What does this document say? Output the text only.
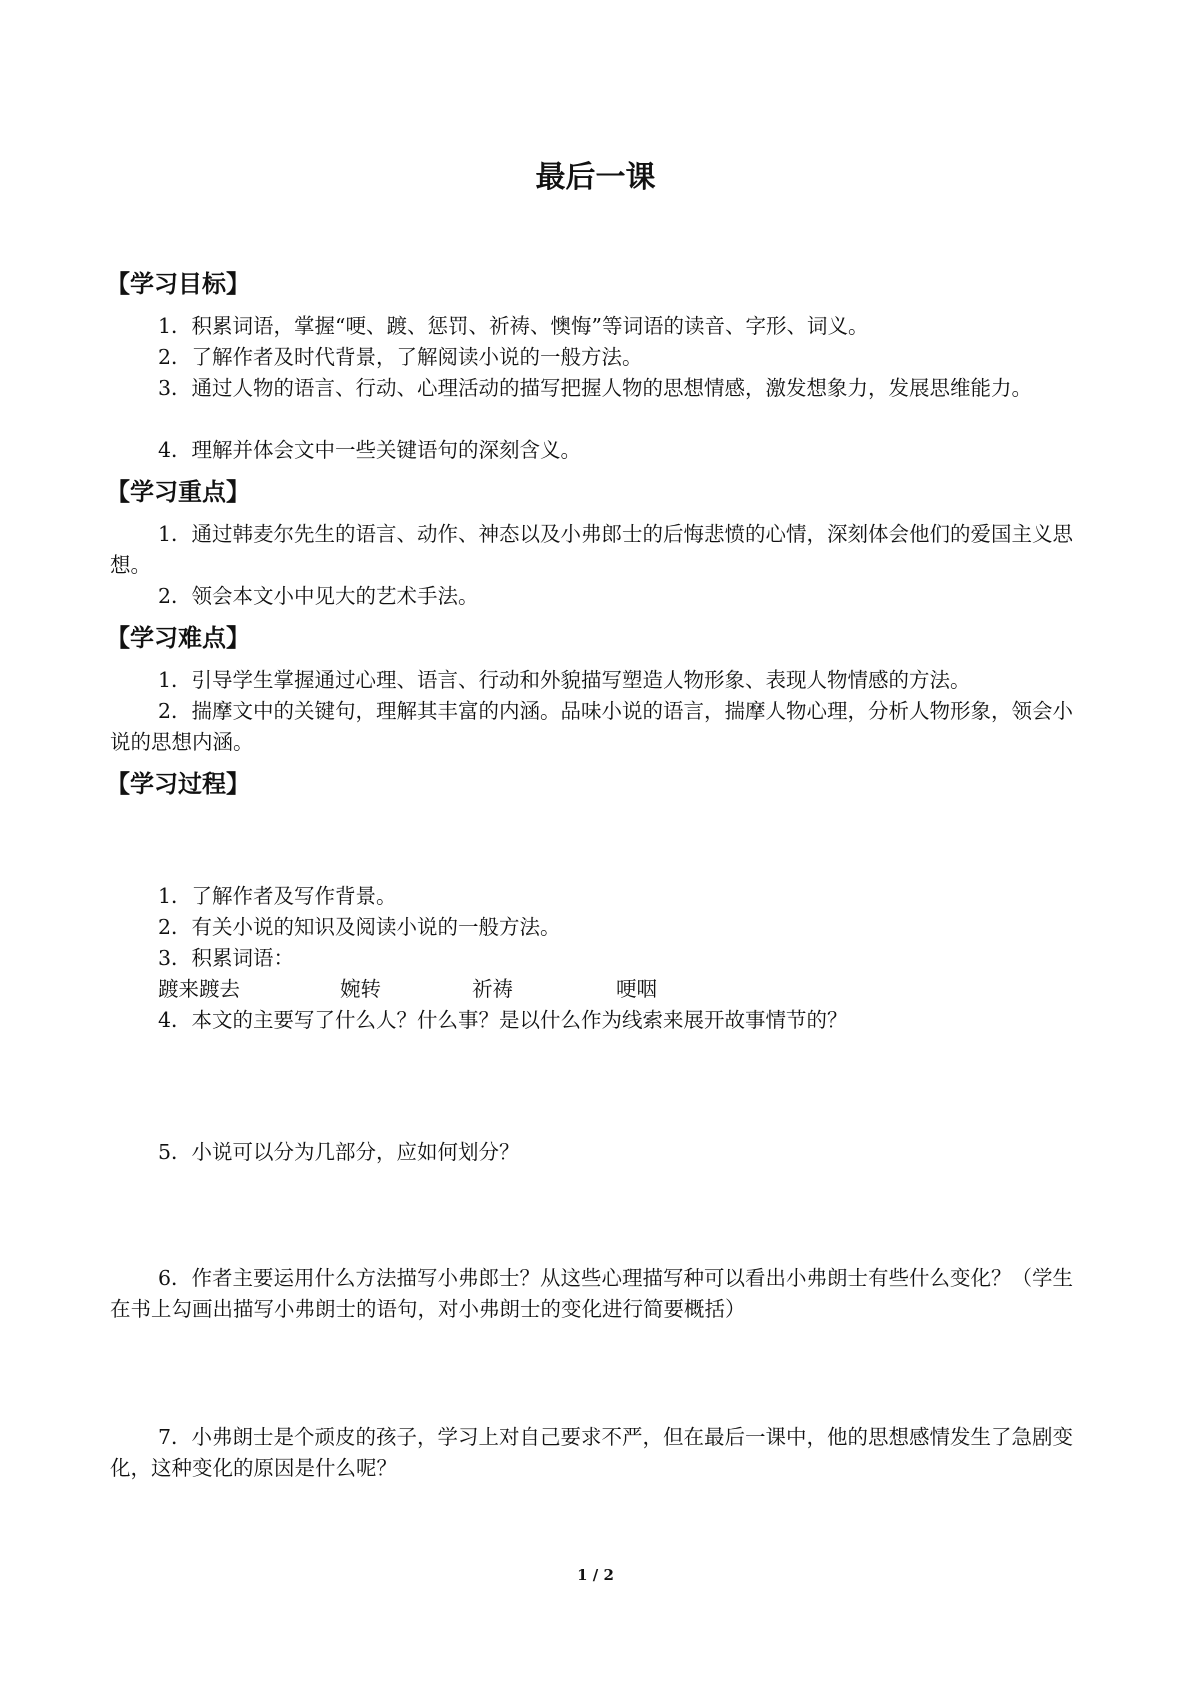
最后一课
【学习目标】

1．积累词语，掌握“哽、踱、惩罚、祈祷、懊悔”等词语的读音、字形、词义。

2．了解作者及时代背景，了解阅读小说的一般方法。

3．通过人物的语言、行动、心理活动的描写把握人物的思想情感，激发想象力，发展思维能力。

4．理解并体会文中一些关键语句的深刻含义。

【学习重点】

1．通过韩麦尔先生的语言、动作、神态以及小弗郎士的后悔悲愤的心情，深刻体会他们的爱国主义思想。

2．领会本文小中见大的艺术手法。

【学习难点】

1．引导学生掌握通过心理、语言、行动和外貌描写塑造人物形象、表现人物情感的方法。

2．揣摩文中的关键句，理解其丰富的内涵。品味小说的语言，揣摩人物心理，分析人物形象，领会小说的思想内涵。

【学习过程】

1．了解作者及写作背景。

2．有关小说的知识及阅读小说的一般方法。

3．积累词语：

踱来踱去	婉转	祈祷	哽咽

4．本文的主要写了什么人？什么事？是以什么作为线索来展开故事情节的？

5．小说可以分为几部分，应如何划分？

6．作者主要运用什么方法描写小弗郎士？从这些心理描写种可以看出小弗朗士有些什么变化？（学生在书上勾画出描写小弗朗士的语句，对小弗朗士的变化进行简要概括）

7．小弗朗士是个顽皮的孩子，学习上对自己要求不严，但在最后一课中，他的思想感情发生了急剧变化，这种变化的原因是什么呢？

1 / 2
